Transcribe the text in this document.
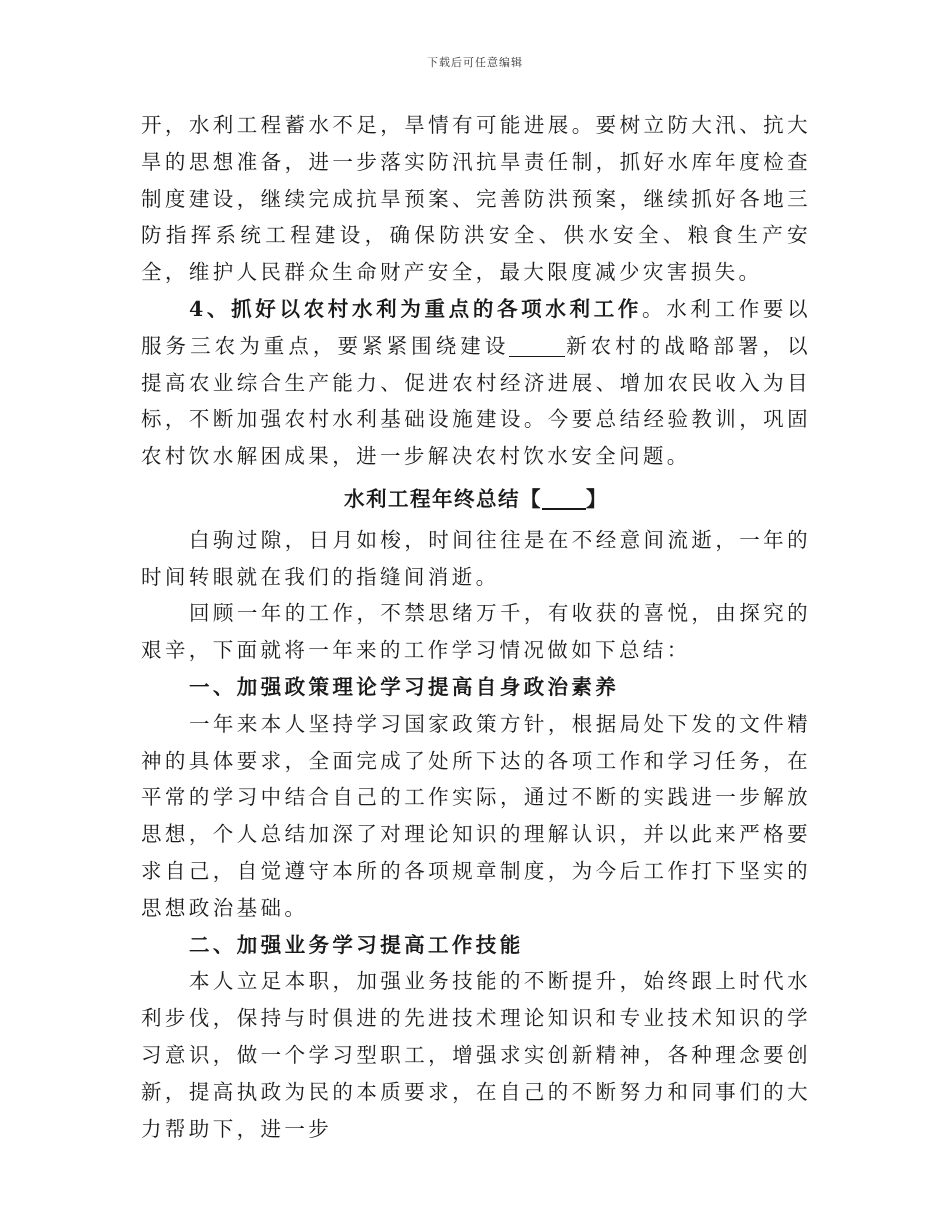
下载后可任意编辑

开，水利工程蓄水不足，旱情有可能进展。要树立防大汛、抗大旱的思想准备，进一步落实防汛抗旱责任制，抓好水库年度检查制度建设，继续完成抗旱预案、完善防洪预案，继续抓好各地三防指挥系统工程建设，确保防洪安全、供水安全、粮食生产安全，维护人民群众生命财产安全，最大限度减少灾害损失。

4、抓好以农村水利为重点的各项水利工作。水利工作要以服务三农为重点，要紧紧围绕建设	新农村的战略部署，以提高农业综合生产能力、促进农村经济进展、增加农民收入为目标，不断加强农村水利基础设施建设。今要总结经验教训，巩固农村饮水解困成果，进一步解决农村饮水安全问题。

水利工程年终总结【 】

白驹过隙，日月如梭，时间往往是在不经意间流逝，一年的时间转眼就在我们的指缝间消逝。

回顾一年的工作，不禁思绪万千，有收获的喜悦，由探究的艰辛，下面就将一年来的工作学习情况做如下总结：

一、加强政策理论学习提高自身政治素养

一年来本人坚持学习国家政策方针，根据局处下发的文件精神的具体要求，全面完成了处所下达的各项工作和学习任务，在平常的学习中结合自己的工作实际，通过不断的实践进一步解放思想，个人总结加深了对理论知识的理解认识，并以此来严格要求自己，自觉遵守本所的各项规章制度，为今后工作打下坚实的思想政治基础。

二、加强业务学习提高工作技能

本人立足本职，加强业务技能的不断提升，始终跟上时代水利步伐，保持与时俱进的先进技术理论知识和专业技术知识的学习意识，做一个学习型职工，增强求实创新精神，各种理念要创新，提高执政为民的本质要求，在自己的不断努力和同事们的大力帮助下，进一步
